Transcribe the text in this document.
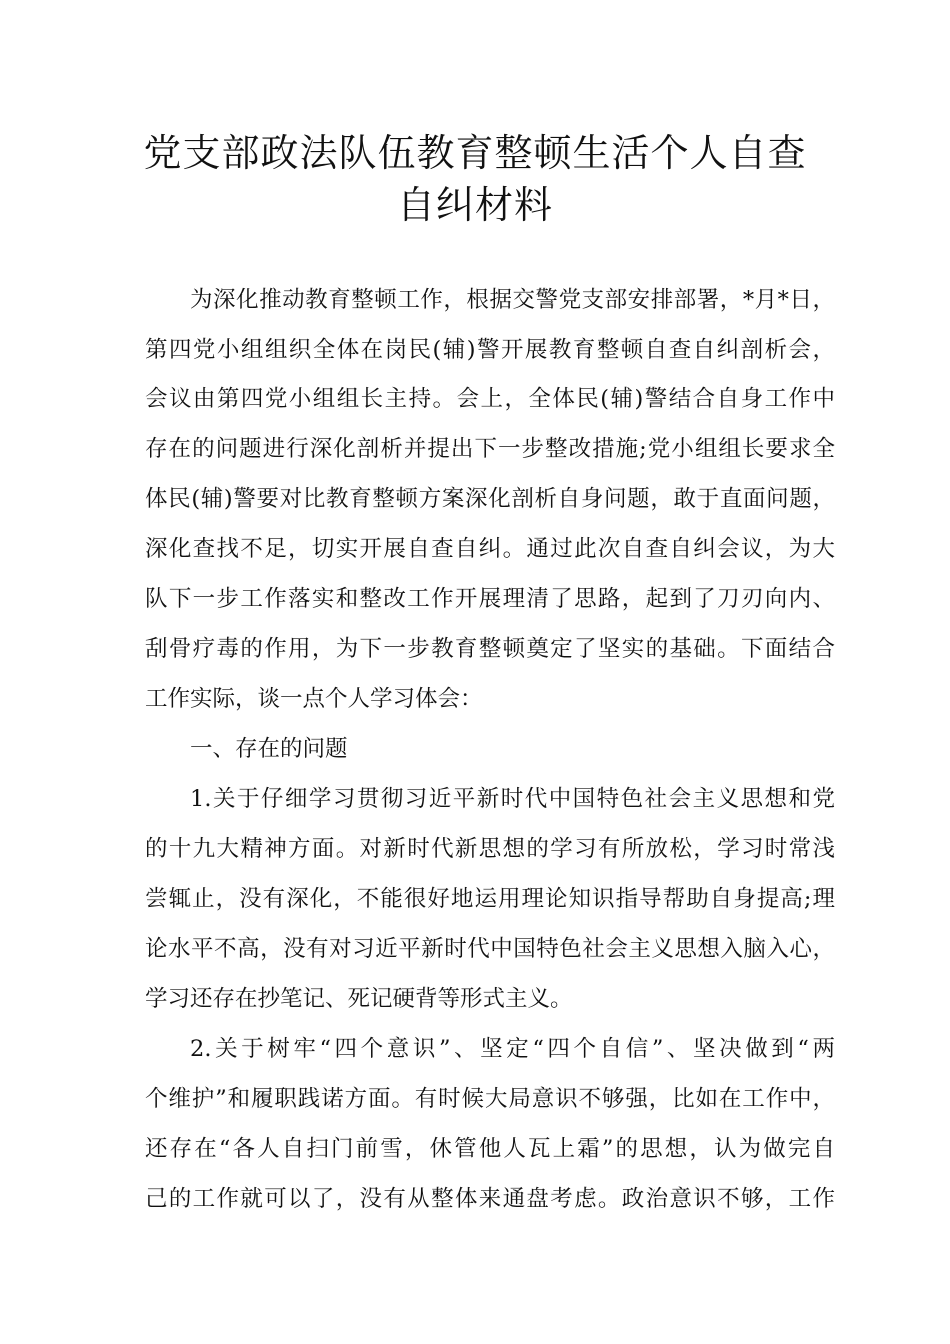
党支部政法队伍教育整顿生活个人自查
自纠材料

为深化推动教育整顿工作，根据交警党支部安排部署，*月*日，

第四党小组组织全体在岗民(辅)警开展教育整顿自查自纠剖析会，

会议由第四党小组组长主持。会上，全体民(辅)警结合自身工作中

存在的问题进行深化剖析并提出下一步整改措施;党小组组长要求全

体民(辅)警要对比教育整顿方案深化剖析自身问题，敢于直面问题，

深化查找不足，切实开展自查自纠。通过此次自查自纠会议，为大

队下一步工作落实和整改工作开展理清了思路，起到了刀刃向内、

刮骨疗毒的作用，为下一步教育整顿奠定了坚实的基础。下面结合

工作实际，谈一点个人学习体会：

一、存在的问题

1.关于仔细学习贯彻习近平新时代中国特色社会主义思想和党

的十九大精神方面。对新时代新思想的学习有所放松，学习时常浅

尝辄止，没有深化，不能很好地运用理论知识指导帮助自身提高;理

论水平不高，没有对习近平新时代中国特色社会主义思想入脑入心，

学习还存在抄笔记、死记硬背等形式主义。

2.关于树牢“四个意识”、坚定“四个自信”、坚决做到“两

个维护”和履职践诺方面。有时候大局意识不够强，比如在工作中，

还存在“各人自扫门前雪，休管他人瓦上霜”的思想，认为做完自

己的工作就可以了，没有从整体来通盘考虑。政治意识不够，工作
